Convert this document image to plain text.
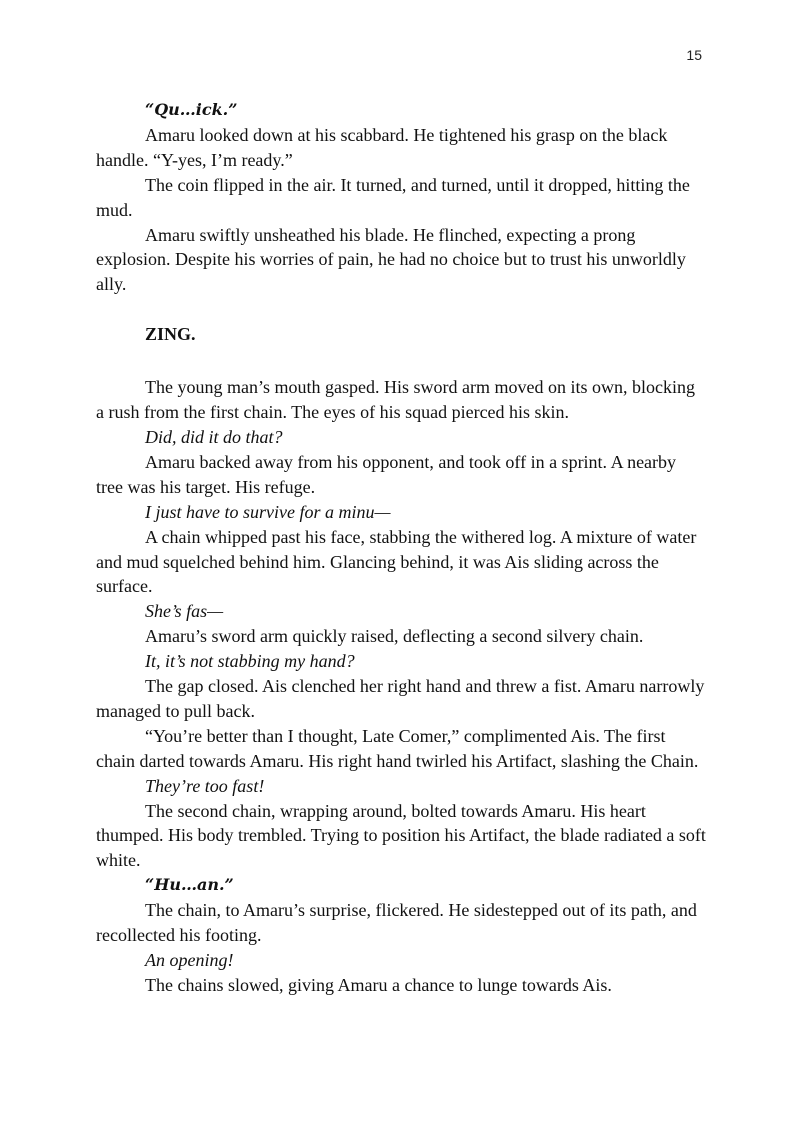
15

“Qu…ick.”

Amaru looked down at his scabbard. He tightened his grasp on the black handle. “Y-yes, I’m ready.”

The coin flipped in the air. It turned, and turned, until it dropped, hitting the mud.

Amaru swiftly unsheathed his blade. He flinched, expecting a prong explosion. Despite his worries of pain, he had no choice but to trust his unworldly ally.

ZING.

The young man’s mouth gasped. His sword arm moved on its own, blocking a rush from the first chain. The eyes of his squad pierced his skin.

Did, did it do that?

Amaru backed away from his opponent, and took off in a sprint. A nearby tree was his target. His refuge.

I just have to survive for a minu—

A chain whipped past his face, stabbing the withered log. A mixture of water and mud squelched behind him. Glancing behind, it was Ais sliding across the surface.

She’s fas—

Amaru’s sword arm quickly raised, deflecting a second silvery chain.

It, it’s not stabbing my hand?

The gap closed. Ais clenched her right hand and threw a fist. Amaru narrowly managed to pull back.

“You’re better than I thought, Late Comer,” complimented Ais. The first chain darted towards Amaru. His right hand twirled his Artifact, slashing the Chain.

They’re too fast!

The second chain, wrapping around, bolted towards Amaru. His heart thumped. His body trembled. Trying to position his Artifact, the blade radiated a soft white.

“Hu…an.”

The chain, to Amaru’s surprise, flickered. He sidestepped out of its path, and recollected his footing.

An opening!

The chains slowed, giving Amaru a chance to lunge towards Ais.
